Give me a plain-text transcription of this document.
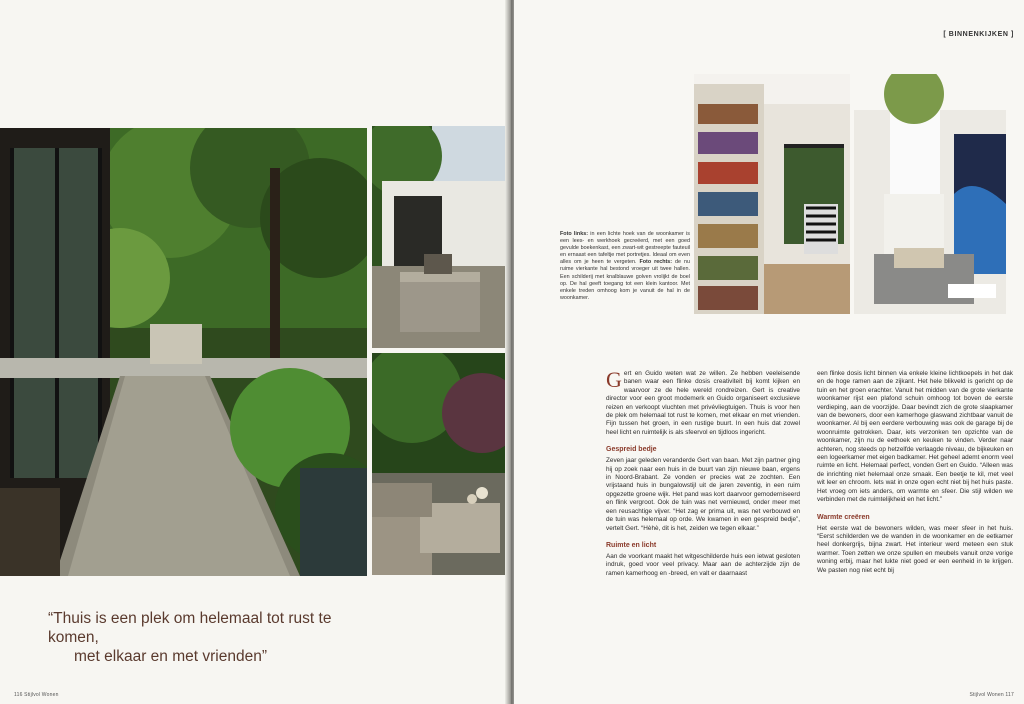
“Thuis is een plek om helemaal tot rust te komen,
met elkaar en met vrienden”
116 Stijlvol Wonen
[ BINNENKIJKEN ]
Foto links: in een lichte hoek van de woonkamer is een lees- en werkhoek gecreëerd, met een goed gevulde boekenkast, een zwart-wit gestreepte fauteuil en ernaast een tafeltje met portretjes. Ideaal om even alles om je heen te vergeten. Foto rechts: de nu ruime vierkante hal bestond vroeger uit twee hallen. Een schilderij met knalblauwe golven vrolijkt de boel op. De hal geeft toegang tot een klein kantoor. Met enkele treden omhoog kom je vanuit de hal in de woonkamer.

Gert en Guido weten wat ze willen. Ze hebben veeleisende banen waar een flinke dosis creativiteit bij komt kijken en waarvoor ze de hele wereld rondreizen. Gert is creative director voor een groot modemerk en Guido organiseert exclusieve reizen en verkoopt vluchten met privévliegtuigen. Thuis is voor hen de plek om helemaal tot rust te komen, met elkaar en met vrienden. Fijn tussen het groen, in een rustige buurt. In een huis dat zowel heel licht en ruimtelijk is als sfeervol en tijdloos ingericht.

Gespreid bedje

Zeven jaar geleden veranderde Gert van baan. Met zijn partner ging hij op zoek naar een huis in de buurt van zijn nieuwe baan, ergens in Noord-Brabant. Ze vonden er precies wat ze zochten. Een vrijstaand huis in bungalowstijl uit de jaren zeventig, in een ruim opgezette groene wijk. Het pand was kort daarvoor gemoderniseerd en flink vergroot. Ook de tuin was net vernieuwd, onder meer met een reusachtige vijver. “Het zag er prima uit, was net verbouwd en de tuin was helemaal op orde. We kwamen in een gespreid bedje”, vertelt Gert. “Hèhè, dit is het, zeiden we tegen elkaar.”

Ruimte en licht

Aan de voorkant maakt het witgeschilderde huis een ietwat gesloten indruk, goed voor veel privacy. Maar aan de achterzijde zijn de ramen kamerhoog en -breed, en valt er daarnaast

een flinke dosis licht binnen via enkele kleine lichtkoepels in het dak en de hoge ramen aan de zijkant. Het hele blikveld is gericht op de tuin en het groen erachter. Vanuit het midden van de grote vierkante woonkamer rijst een plafond schuin omhoog tot boven de eerste verdieping, aan de voorzijde. Daar bevindt zich de grote slaapkamer van de bewoners, door een kamerhoge glaswand zichtbaar vanuit de woonkamer. Al bij een eerdere verbouwing was ook de garage bij de woonruimte getrokken. Daar, iets verzonken ten opzichte van de woonkamer, zijn nu de eethoek en keuken te vinden. Verder naar achteren, nog steeds op hetzelfde verlaagde niveau, de bijkeuken en een logeerkamer met eigen badkamer. Het geheel ademt enorm veel ruimte en licht. Helemaal perfect, vonden Gert en Guido. “Alleen was de inrichting niet helemaal onze smaak. Een beetje te kil, met veel wit leer en chroom. Iets wat in onze ogen echt niet bij het huis paste. Het vroeg om iets anders, om warmte en sfeer. Die stijl wilden we verbinden met de ruimtelijkheid en het licht.”

Warmte creëren

Het eerste wat de bewoners wilden, was meer sfeer in het huis. “Eerst schilderden we de wanden in de woonkamer en de eetkamer heel donkergrijs, bijna zwart. Het interieur werd meteen een stuk warmer. Toen zetten we onze spullen en meubels vanuit onze vorige woning erbij, maar het lukte niet goed er een eenheid in te krijgen. We pasten nog niet echt bij

Stijlvol Wonen 117
